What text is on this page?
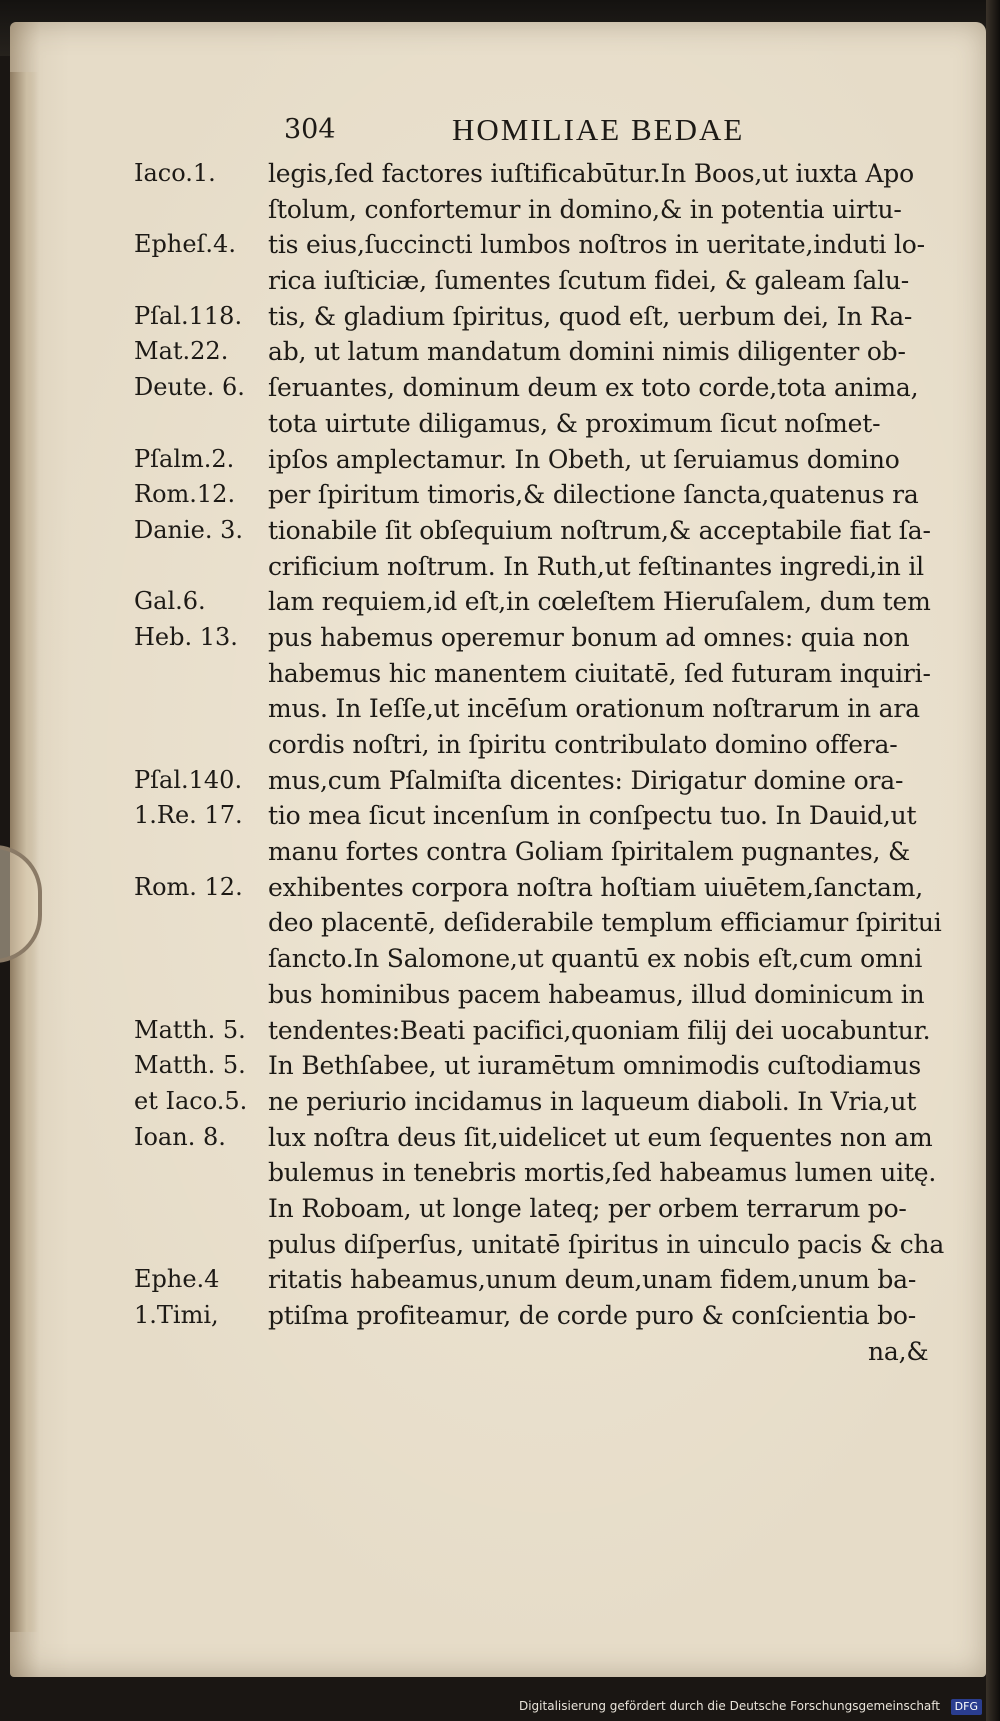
304	HOMILIAE BEDAE
Iaco.1. legis,ſed factores iuſtificabūtur.In Boos,ut iuxta Apo
ſtolum, confortemur in domino,& in potentia uirtu-
Epheſ.4. tis eius,ſuccincti lumbos noſtros in ueritate,induti lo-
rica iuſticiæ, ſumentes ſcutum fidei, & galeam ſalu-
Pſal.118. tis, & gladium ſpiritus, quod eſt, uerbum dei, In Ra-
Mat.22. ab, ut latum mandatum domini nimis diligenter ob-
Deute. 6. ſeruantes, dominum deum ex toto corde,tota anima,
tota uirtute diligamus, & proximum ſicut noſmet-
Pſalm.2. ipſos amplectamur. In Obeth, ut ſeruiamus domino
Rom.12. per ſpiritum timoris,& dilectione ſancta,quatenus ra
Danie. 3. tionabile ſit obſequium noſtrum,& acceptabile fiat ſa-
crificium noſtrum. In Ruth,ut feſtinantes ingredi,in il
Gal.6. lam requiem,id eſt,in cœleſtem Hieruſalem, dum tem
Heb. 13. pus habemus operemur bonum ad omnes: quia non
habemus hic manentem ciuitatē, ſed futuram inquiri-
mus. In Ieſſe,ut incēſum orationum noſtrarum in ara
cordis noſtri, in ſpiritu contribulato domino offera-
Pſal.140. mus,cum Pſalmiſta dicentes: Dirigatur domine ora-
1.Re. 17. tio mea ſicut incenſum in conſpectu tuo. In Dauid,ut
manu fortes contra Goliam ſpiritalem pugnantes, &
Rom. 12. exhibentes corpora noſtra hoſtiam uiuētem,ſanctam,
deo placentē, deſiderabile templum efficiamur ſpiritui
ſancto.In Salomone,ut quantū ex nobis eſt,cum omni
bus hominibus pacem habeamus, illud dominicum in
Matth. 5. tendentes:Beati pacifici,quoniam filij dei uocabuntur.
Matth. 5. In Bethſabee, ut iuramētum omnimodis cuſtodiamus
et Iaco.5. ne periurio incidamus in laqueum diaboli. In Vria,ut
Ioan. 8. lux noſtra deus ſit,uidelicet ut eum ſequentes non am
bulemus in tenebris mortis,ſed habeamus lumen uitę.
In Roboam, ut longe lateq; per orbem terrarum po-
pulus diſperſus, unitatē ſpiritus in uinculo pacis & cha
Ephe.4 ritatis habeamus,unum deum,unam fidem,unum ba-
1.Timi, ptiſma profiteamur, de corde puro & conſcientia bo-
na,&
Digitalisierung gefördert durch die Deutsche Forschungsgemeinschaft	DFG
